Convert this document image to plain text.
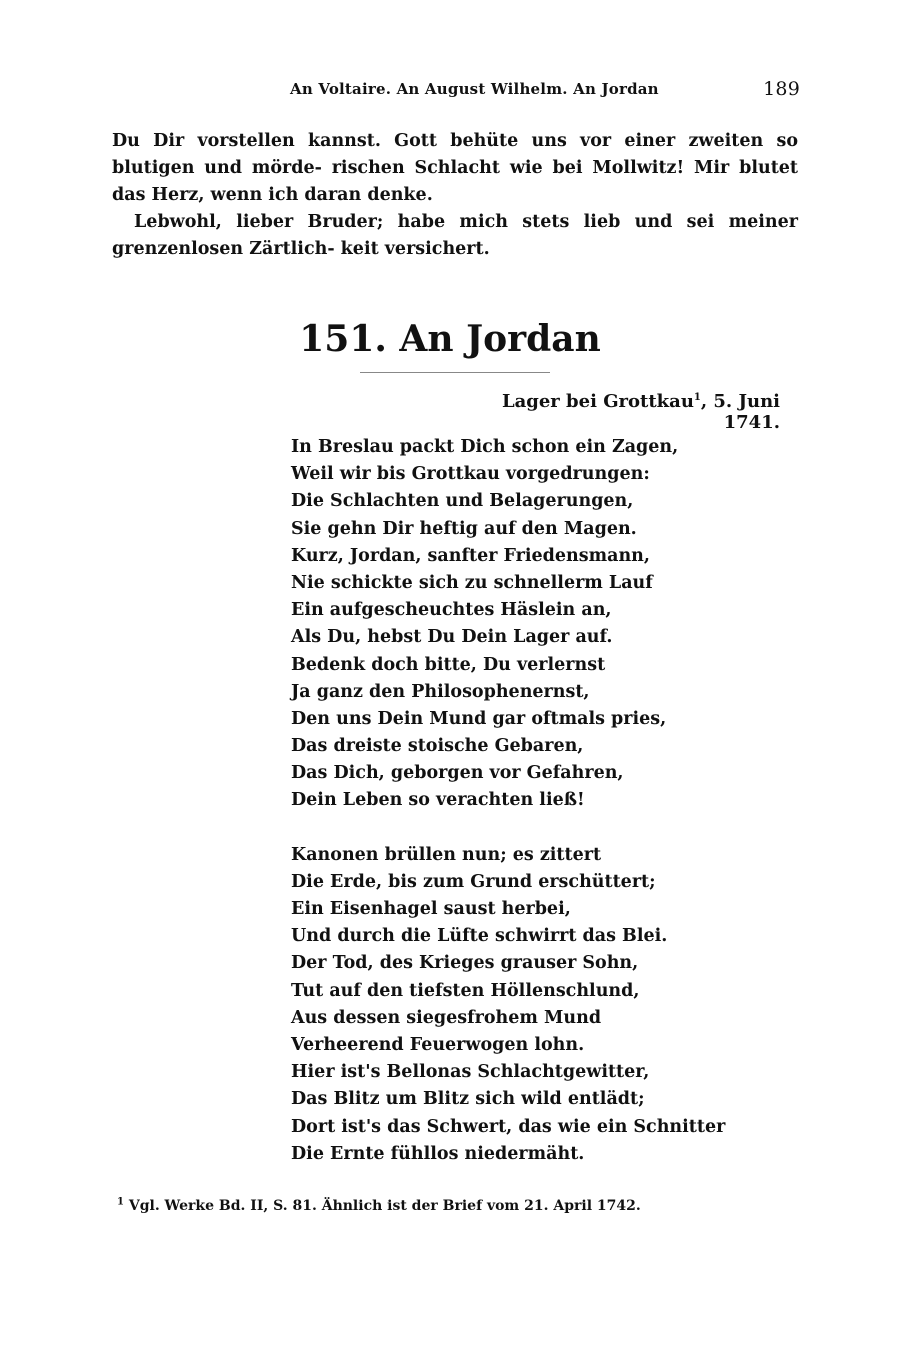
An Voltaire. An August Wilhelm. An Jordan	189

Du Dir vorstellen kannst. Gott behüte uns vor einer zweiten so blutigen und mörde- rischen Schlacht wie bei Mollwitz! Mir blutet das Herz, wenn ich daran denke.

Lebwohl, lieber Bruder; habe mich stets lieb und sei meiner grenzenlosen Zärtlich- keit versichert.

151. An Jordan
Lager bei Grottkau$^1$, 5. Juni 1741.
In Breslau packt Dich schon ein Zagen,
Weil wir bis Grottkau vorgedrungen:
Die Schlachten und Belagerungen,
Sie gehn Dir heftig auf den Magen.
Kurz, Jordan, sanfter Friedensmann,
Nie schickte sich zu schnellerm Lauf
Ein aufgescheuchtes Häslein an,
Als Du, hebst Du Dein Lager auf.
Bedenk doch bitte, Du verlernst
Ja ganz den Philosophenernst,
Den uns Dein Mund gar oftmals pries,
Das dreiste stoische Gebaren,
Das Dich, geborgen vor Gefahren,
Dein Leben so verachten ließ!
Kanonen brüllen nun; es zittert
Die Erde, bis zum Grund erschüttert;
Ein Eisenhagel saust herbei,
Und durch die Lüfte schwirrt das Blei.
Der Tod, des Krieges grauser Sohn,
Tut auf den tiefsten Höllenschlund,
Aus dessen siegesfrohem Mund
Verheerend Feuerwogen lohn.
Hier ist's Bellonas Schlachtgewitter,
Das Blitz um Blitz sich wild entlädt;
Dort ist's das Schwert, das wie ein Schnitter
Die Ernte fühllos niedermäht.
$^1$ Vgl. Werke Bd. II, S. 81. Ähnlich ist der Brief vom 21. April 1742.
